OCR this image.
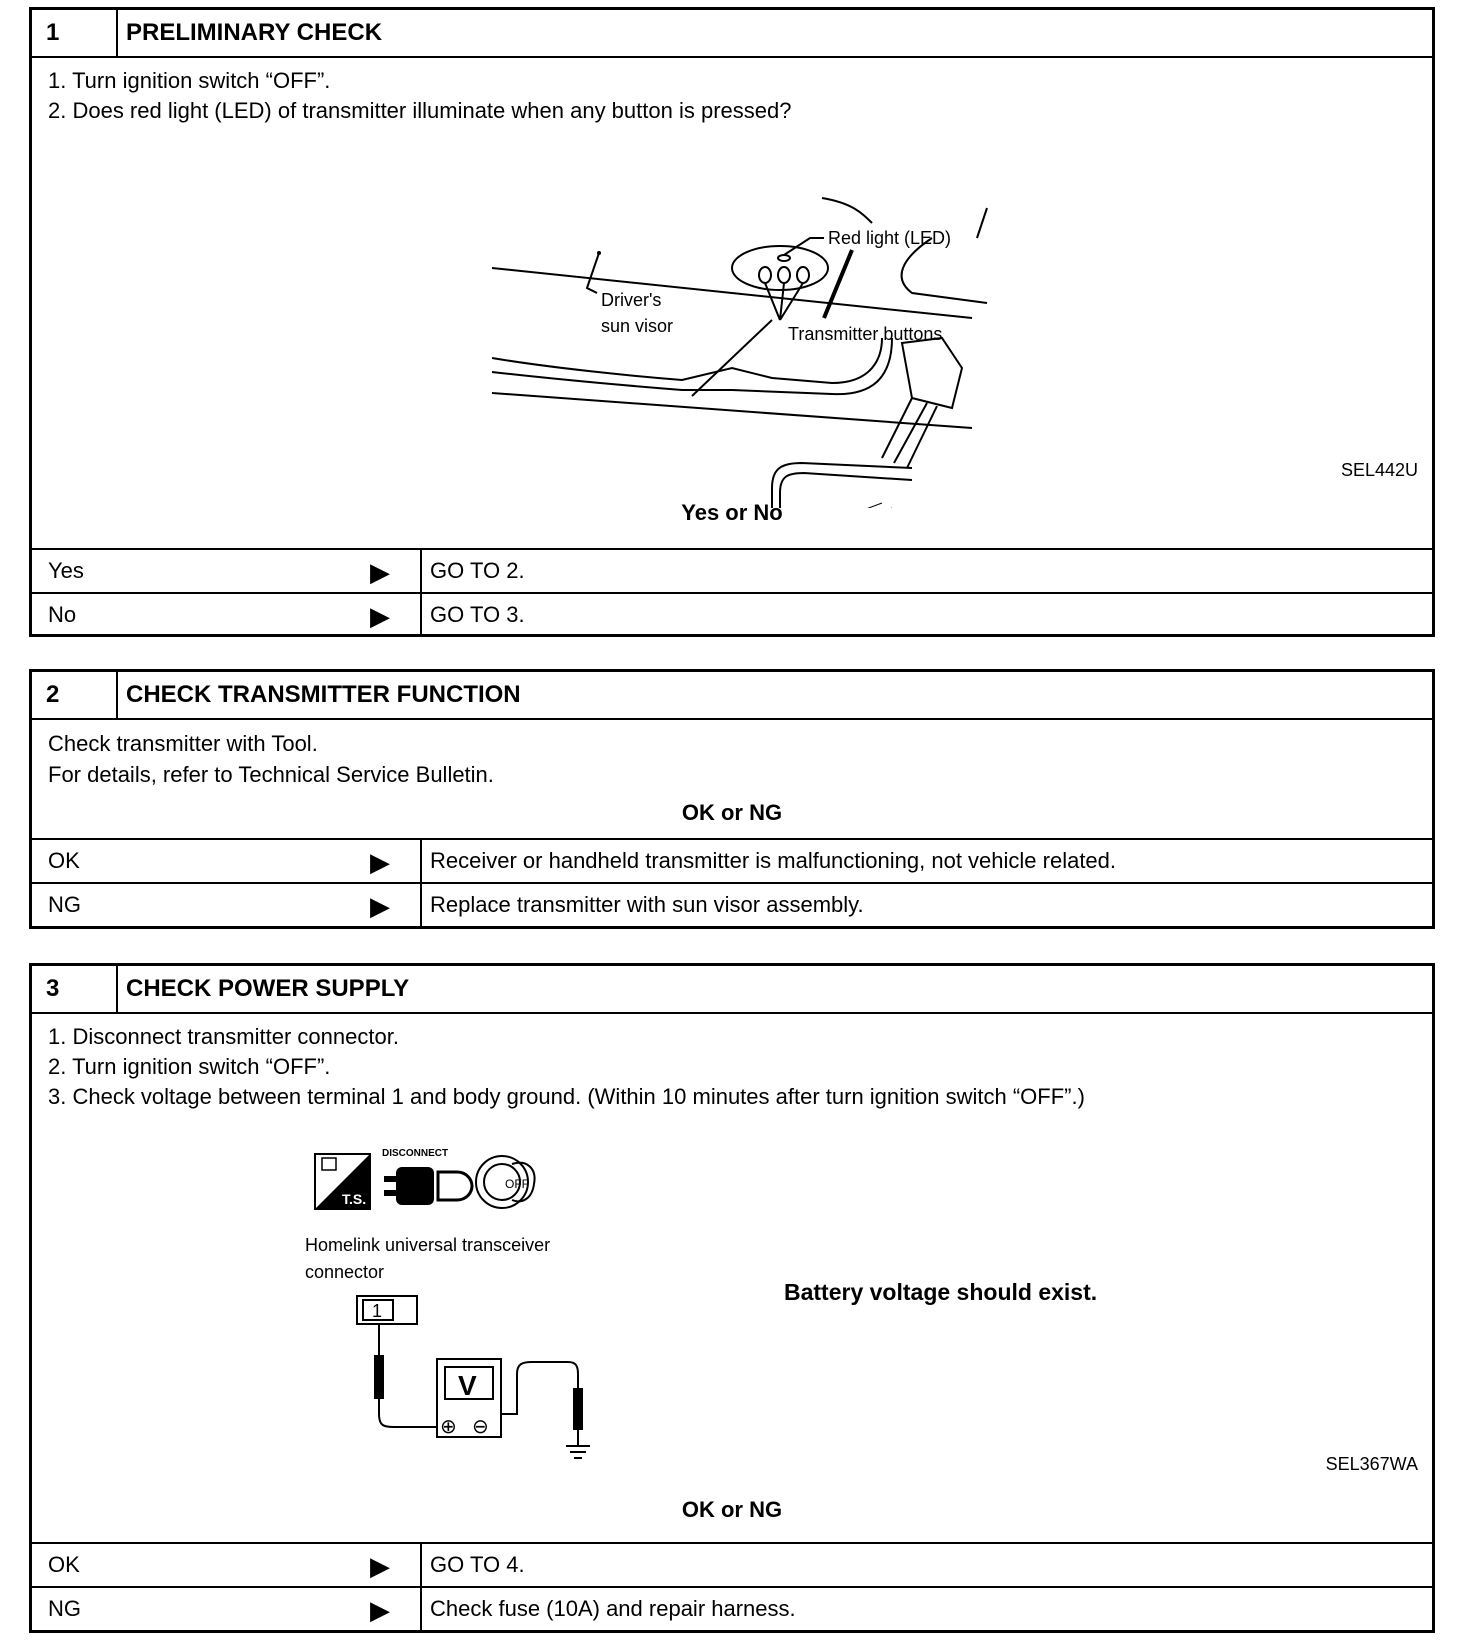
1	PRELIMINARY CHECK
1. Turn ignition switch “OFF”.
2. Does red light (LED) of transmitter illuminate when any button is pressed?
Red light (LED)
Driver's
sun visor	Transmitter buttons
SEL442U
Yes or No
Yes	▶	GO TO 2.
No	▶	GO TO 3.
2	CHECK TRANSMITTER FUNCTION
Check transmitter with Tool.
For details, refer to Technical Service Bulletin.
OK or NG
OK	▶	Receiver or handheld transmitter is malfunctioning, not vehicle related.
NG	▶	Replace transmitter with sun visor assembly.
3	CHECK POWER SUPPLY
1. Disconnect transmitter connector.
2. Turn ignition switch “OFF”.
3. Check voltage between terminal 1 and body ground. (Within 10 minutes after turn ignition switch “OFF”.)
T.S.
DISCONNECT
OFF
Homelink universal transceiver
connector
1
V
⊕ ⊖
Battery voltage should exist.
SEL367WA
OK or NG
OK	▶	GO TO 4.
NG	▶	Check fuse (10A) and repair harness.
